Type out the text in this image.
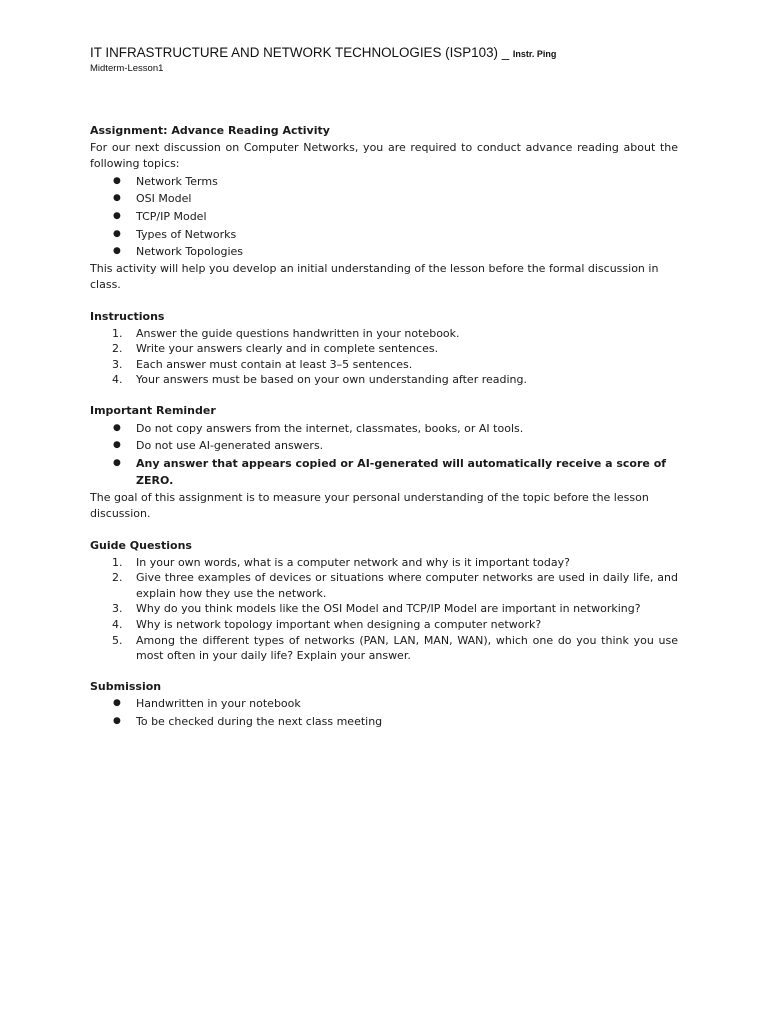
IT INFRASTRUCTURE AND NETWORK TECHNOLOGIES (ISP103) _ Instr. Ping
Midterm-Lesson1
Assignment: Advance Reading Activity
For our next discussion on Computer Networks, you are required to conduct advance reading about the following topics:
● Network Terms
● OSI Model
● TCP/IP Model
● Types of Networks
● Network Topologies
This activity will help you develop an initial understanding of the lesson before the formal discussion in class.
Instructions
1. Answer the guide questions handwritten in your notebook.
2. Write your answers clearly and in complete sentences.
3. Each answer must contain at least 3–5 sentences.
4. Your answers must be based on your own understanding after reading.
Important Reminder
● Do not copy answers from the internet, classmates, books, or AI tools.
● Do not use AI-generated answers.
● Any answer that appears copied or AI-generated will automatically receive a score of ZERO.
The goal of this assignment is to measure your personal understanding of the topic before the lesson discussion.
Guide Questions
1. In your own words, what is a computer network and why is it important today?
2. Give three examples of devices or situations where computer networks are used in daily life, and explain how they use the network.
3. Why do you think models like the OSI Model and TCP/IP Model are important in networking?
4. Why is network topology important when designing a computer network?
5. Among the different types of networks (PAN, LAN, MAN, WAN), which one do you think you use most often in your daily life? Explain your answer.
Submission
● Handwritten in your notebook
● To be checked during the next class meeting
